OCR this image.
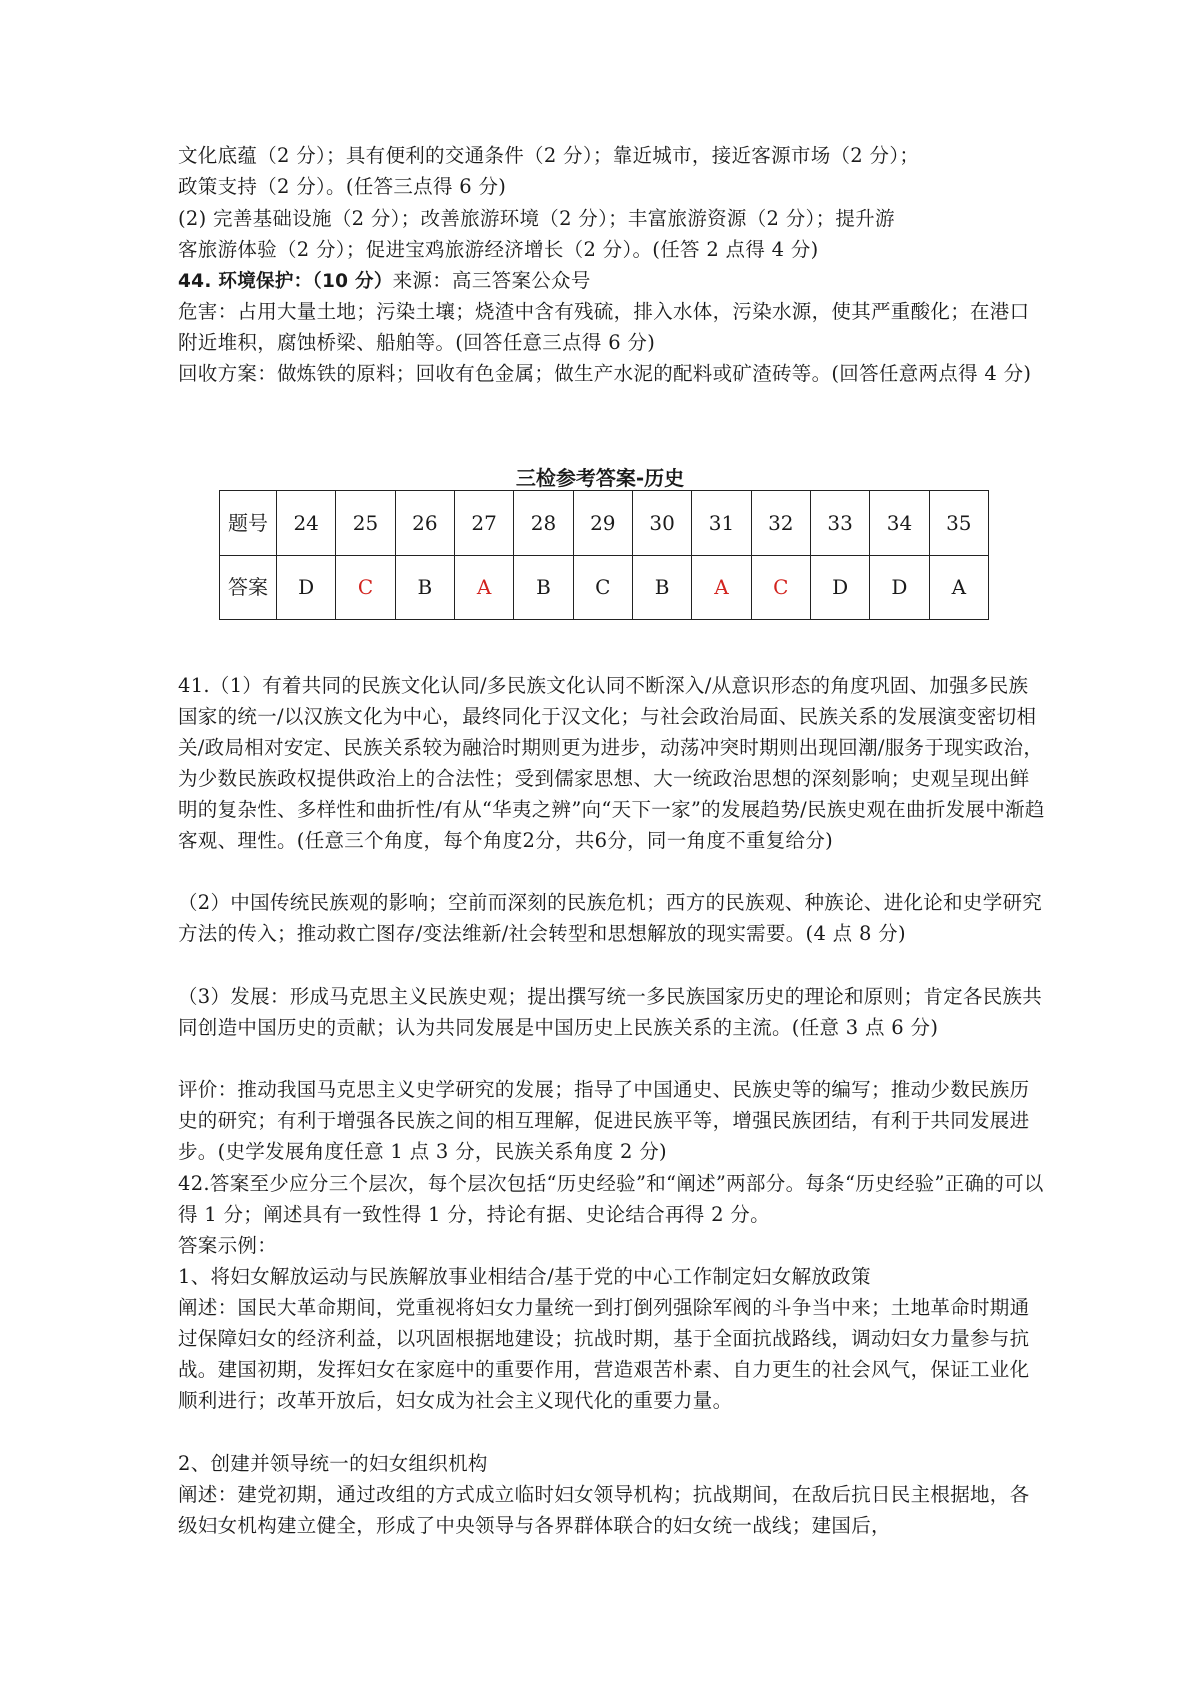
文化底蕴（2 分）；具有便利的交通条件（2 分）；靠近城市，接近客源市场（2 分）；

政策支持（2 分）。(任答三点得 6 分)

(2) 完善基础设施（2 分）；改善旅游环境（2 分）；丰富旅游资源（2 分）；提升游

客旅游体验（2 分）；促进宝鸡旅游经济增长（2 分）。(任答 2 点得 4 分)

44. 环境保护：（10 分）来源：高三答案公众号

危害：占用大量土地；污染土壤；烧渣中含有残硫，排入水体，污染水源，使其严重酸化；在港口附近堆积，腐蚀桥梁、船舶等。(回答任意三点得 6 分)

回收方案：做炼铁的原料；回收有色金属；做生产水泥的配料或矿渣砖等。(回答任意两点得 4 分)

三检参考答案-历史
题号	24	25	26	27	28	29	30	31	32	33	34	35
答案	D	C	B	A	B	C	B	A	C	D	D	A

41.（1）有着共同的民族文化认同/多民族文化认同不断深入/从意识形态的角度巩固、加强多民族国家的统一/以汉族文化为中心，最终同化于汉文化；与社会政治局面、民族关系的发展演变密切相关/政局相对安定、民族关系较为融洽时期则更为进步，动荡冲突时期则出现回潮/服务于现实政治，为少数民族政权提供政治上的合法性；受到儒家思想、大一统政治思想的深刻影响；史观呈现出鲜明的复杂性、多样性和曲折性/有从“华夷之辨”向“天下一家”的发展趋势/民族史观在曲折发展中渐趋客观、理性。(任意三个角度，每个角度2分，共6分，同一角度不重复给分)

（2）中国传统民族观的影响；空前而深刻的民族危机；西方的民族观、种族论、进化论和史学研究方法的传入；推动救亡图存/变法维新/社会转型和思想解放的现实需要。(4 点 8 分)

（3）发展：形成马克思主义民族史观；提出撰写统一多民族国家历史的理论和原则；肯定各民族共同创造中国历史的贡献；认为共同发展是中国历史上民族关系的主流。(任意 3 点 6 分)

评价：推动我国马克思主义史学研究的发展；指导了中国通史、民族史等的编写；推动少数民族历史的研究；有利于增强各民族之间的相互理解，促进民族平等，增强民族团结，有利于共同发展进步。(史学发展角度任意 1 点 3 分，民族关系角度 2 分)

42.答案至少应分三个层次，每个层次包括“历史经验”和“阐述”两部分。每条“历史经验”正确的可以得 1 分；阐述具有一致性得 1 分，持论有据、史论结合再得 2 分。

答案示例：

1、将妇女解放运动与民族解放事业相结合/基于党的中心工作制定妇女解放政策

阐述：国民大革命期间，党重视将妇女力量统一到打倒列强除军阀的斗争当中来；土地革命时期通过保障妇女的经济利益，以巩固根据地建设；抗战时期，基于全面抗战路线，调动妇女力量参与抗战。建国初期，发挥妇女在家庭中的重要作用，营造艰苦朴素、自力更生的社会风气，保证工业化顺利进行；改革开放后，妇女成为社会主义现代化的重要力量。

2、创建并领导统一的妇女组织机构

阐述：建党初期，通过改组的方式成立临时妇女领导机构；抗战期间，在敌后抗日民主根据地，各级妇女机构建立健全，形成了中央领导与各界群体联合的妇女统一战线；建国后，
